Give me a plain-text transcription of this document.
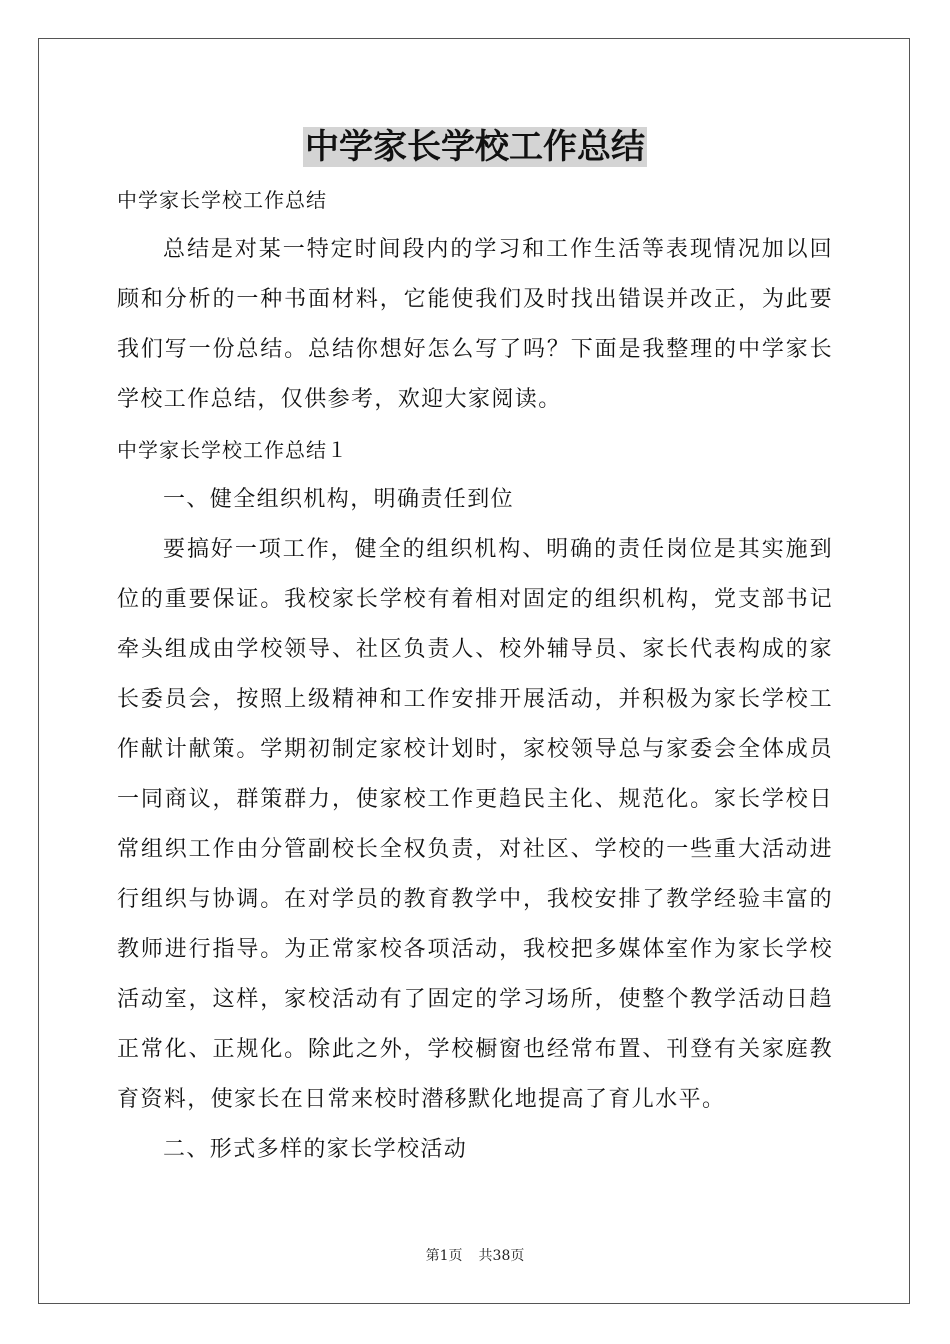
中学家长学校工作总结

中学家长学校工作总结

总结是对某一特定时间段内的学习和工作生活等表现情况加以回顾和分析的一种书面材料，它能使我们及时找出错误并改正，为此要我们写一份总结。总结你想好怎么写了吗？下面是我整理的中学家长学校工作总结，仅供参考，欢迎大家阅读。

中学家长学校工作总结１

一、健全组织机构，明确责任到位

要搞好一项工作，健全的组织机构、明确的责任岗位是其实施到位的重要保证。我校家长学校有着相对固定的组织机构，党支部书记牵头组成由学校领导、社区负责人、校外辅导员、家长代表构成的家长委员会，按照上级精神和工作安排开展活动，并积极为家长学校工作献计献策。学期初制定家校计划时，家校领导总与家委会全体成员一同商议，群策群力，使家校工作更趋民主化、规范化。家长学校日常组织工作由分管副校长全权负责，对社区、学校的一些重大活动进行组织与协调。在对学员的教育教学中，我校安排了教学经验丰富的教师进行指导。为正常家校各项活动，我校把多媒体室作为家长学校活动室，这样，家校活动有了固定的学习场所，使整个教学活动日趋正常化、正规化。除此之外，学校橱窗也经常布置、刊登有关家庭教育资料，使家长在日常来校时潜移默化地提高了育儿水平。

二、形式多样的家长学校活动

第1页 共38页
